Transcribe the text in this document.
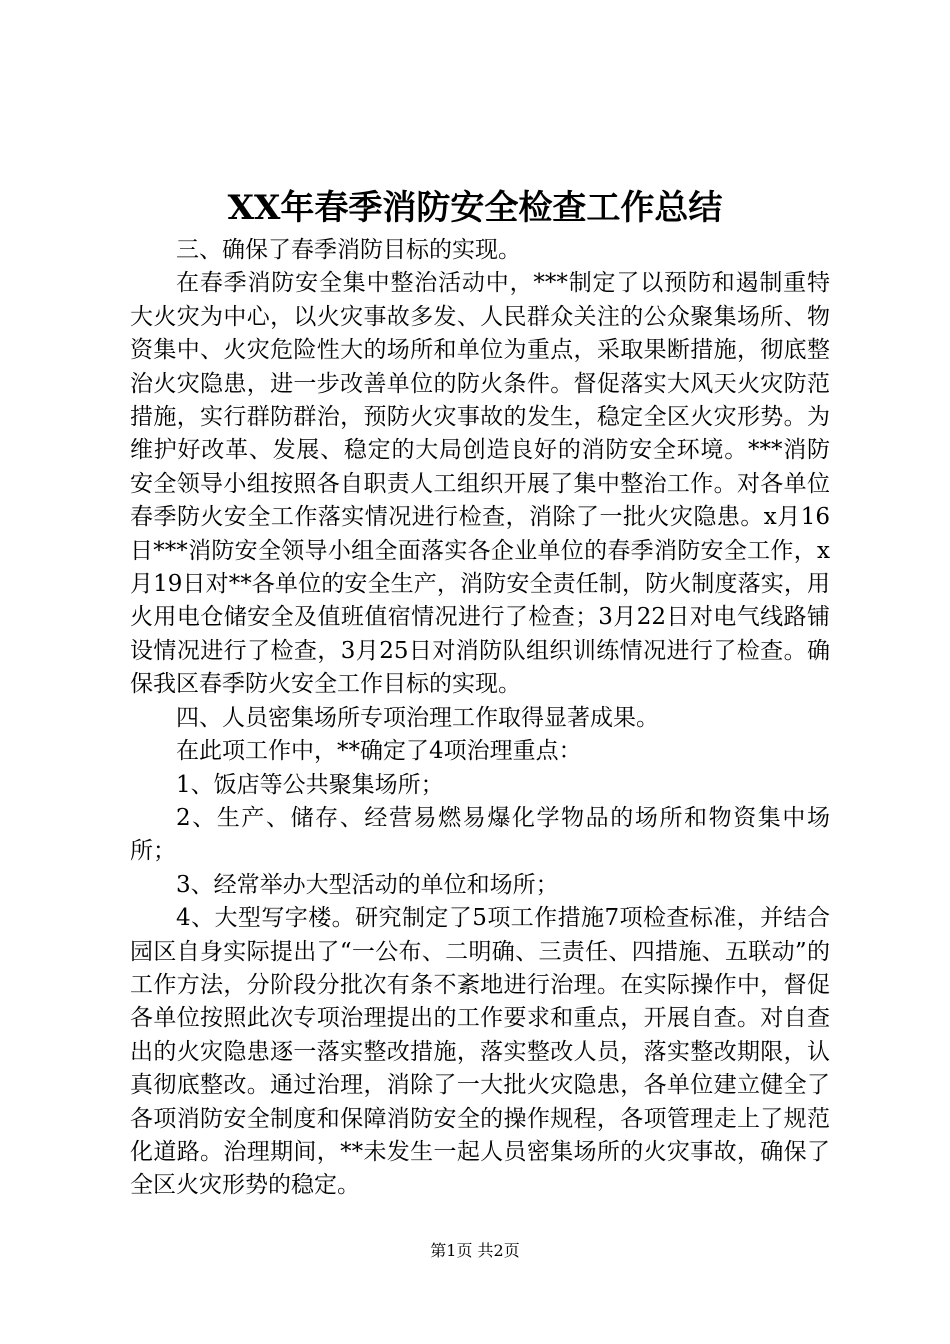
XX年春季消防安全检查工作总结

三、确保了春季消防目标的实现。

在春季消防安全集中整治活动中，***制定了以预防和遏制重特大火灾为中心，以火灾事故多发、人民群众关注的公众聚集场所、物资集中、火灾危险性大的场所和单位为重点，采取果断措施，彻底整治火灾隐患，进一步改善单位的防火条件。督促落实大风天火灾防范措施，实行群防群治，预防火灾事故的发生，稳定全区火灾形势。为维护好改革、发展、稳定的大局创造良好的消防安全环境。***消防安全领导小组按照各自职责人工组织开展了集中整治工作。对各单位春季防火安全工作落实情况进行检查，消除了一批火灾隐患。x月16日***消防安全领导小组全面落实各企业单位的春季消防安全工作，x月19日对**各单位的安全生产，消防安全责任制，防火制度落实，用火用电仓储安全及值班值宿情况进行了检查；3月22日对电气线路铺设情况进行了检查，3月25日对消防队组织训练情况进行了检查。确保我区春季防火安全工作目标的实现。

四、人员密集场所专项治理工作取得显著成果。

在此项工作中，**确定了4项治理重点：

1、饭店等公共聚集场所；

2、生产、储存、经营易燃易爆化学物品的场所和物资集中场所；

3、经常举办大型活动的单位和场所；

4、大型写字楼。研究制定了5项工作措施7项检查标准，并结合园区自身实际提出了“一公布、二明确、三责任、四措施、五联动”的工作方法，分阶段分批次有条不紊地进行治理。在实际操作中，督促各单位按照此次专项治理提出的工作要求和重点，开展自查。对自查出的火灾隐患逐一落实整改措施，落实整改人员，落实整改期限，认真彻底整改。通过治理，消除了一大批火灾隐患，各单位建立健全了各项消防安全制度和保障消防安全的操作规程，各项管理走上了规范化道路。治理期间，**未发生一起人员密集场所的火灾事故，确保了全区火灾形势的稳定。

第1页 共2页
